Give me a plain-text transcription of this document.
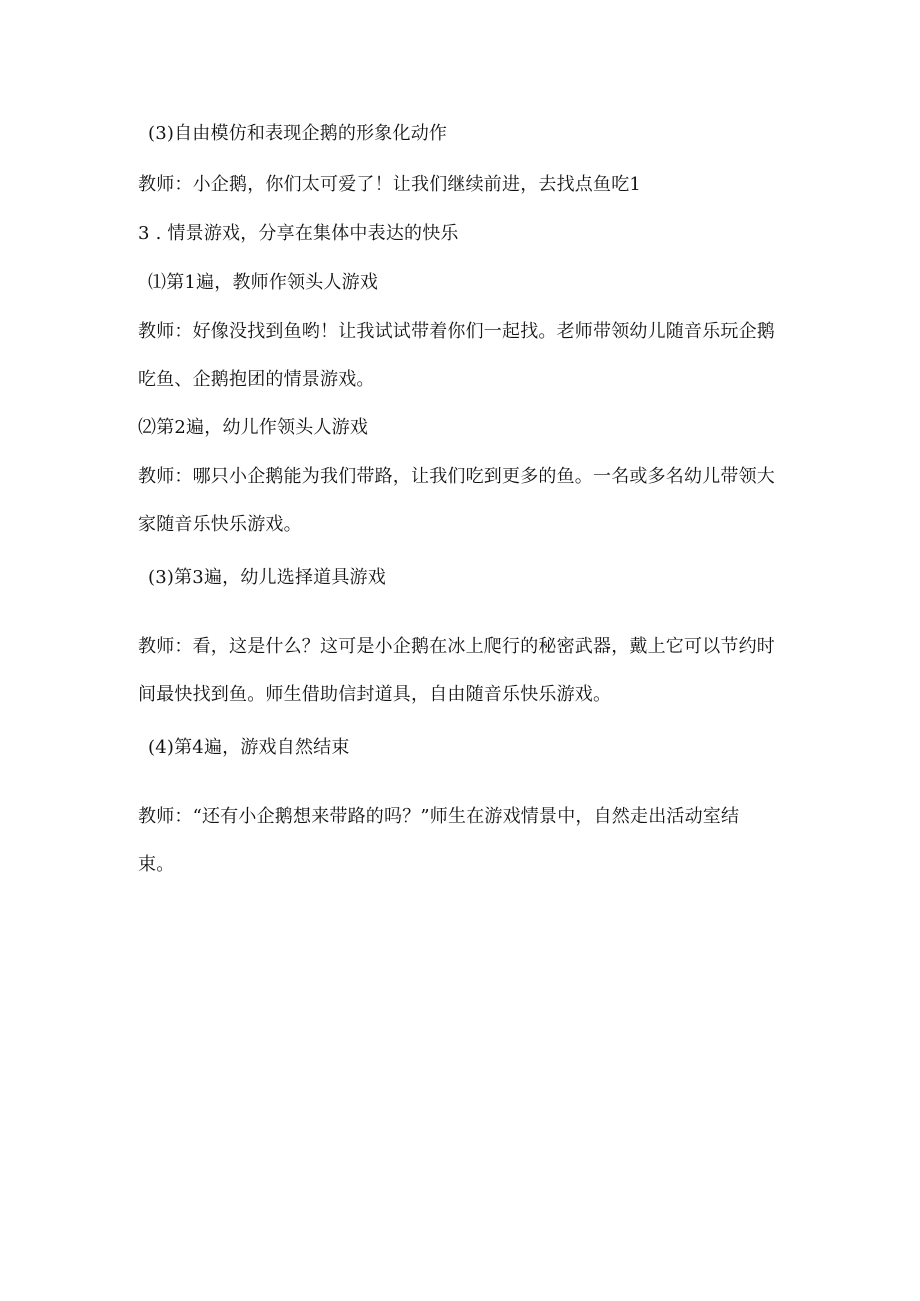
(3)自由模仿和表现企鹅的形象化动作
教师：小企鹅，你们太可爱了！让我们继续前进，去找点鱼吃1
3 . 情景游戏，分享在集体中表达的快乐
⑴第1遍，教师作领头人游戏
教师：好像没找到鱼哟！让我试试带着你们一起找。老师带领幼儿随音乐玩企鹅
吃鱼、企鹅抱团的情景游戏。
⑵第2遍，幼儿作领头人游戏
教师：哪只小企鹅能为我们带路，让我们吃到更多的鱼。一名或多名幼儿带领大
家随音乐快乐游戏。
(3)第3遍，幼儿选择道具游戏
教师：看，这是什么？这可是小企鹅在冰上爬行的秘密武器，戴上它可以节约时
间最快找到鱼。师生借助信封道具，自由随音乐快乐游戏。
(4)第4遍，游戏自然结束
教师：“还有小企鹅想来带路的吗？”师生在游戏情景中，自然走出活动室结
束。
